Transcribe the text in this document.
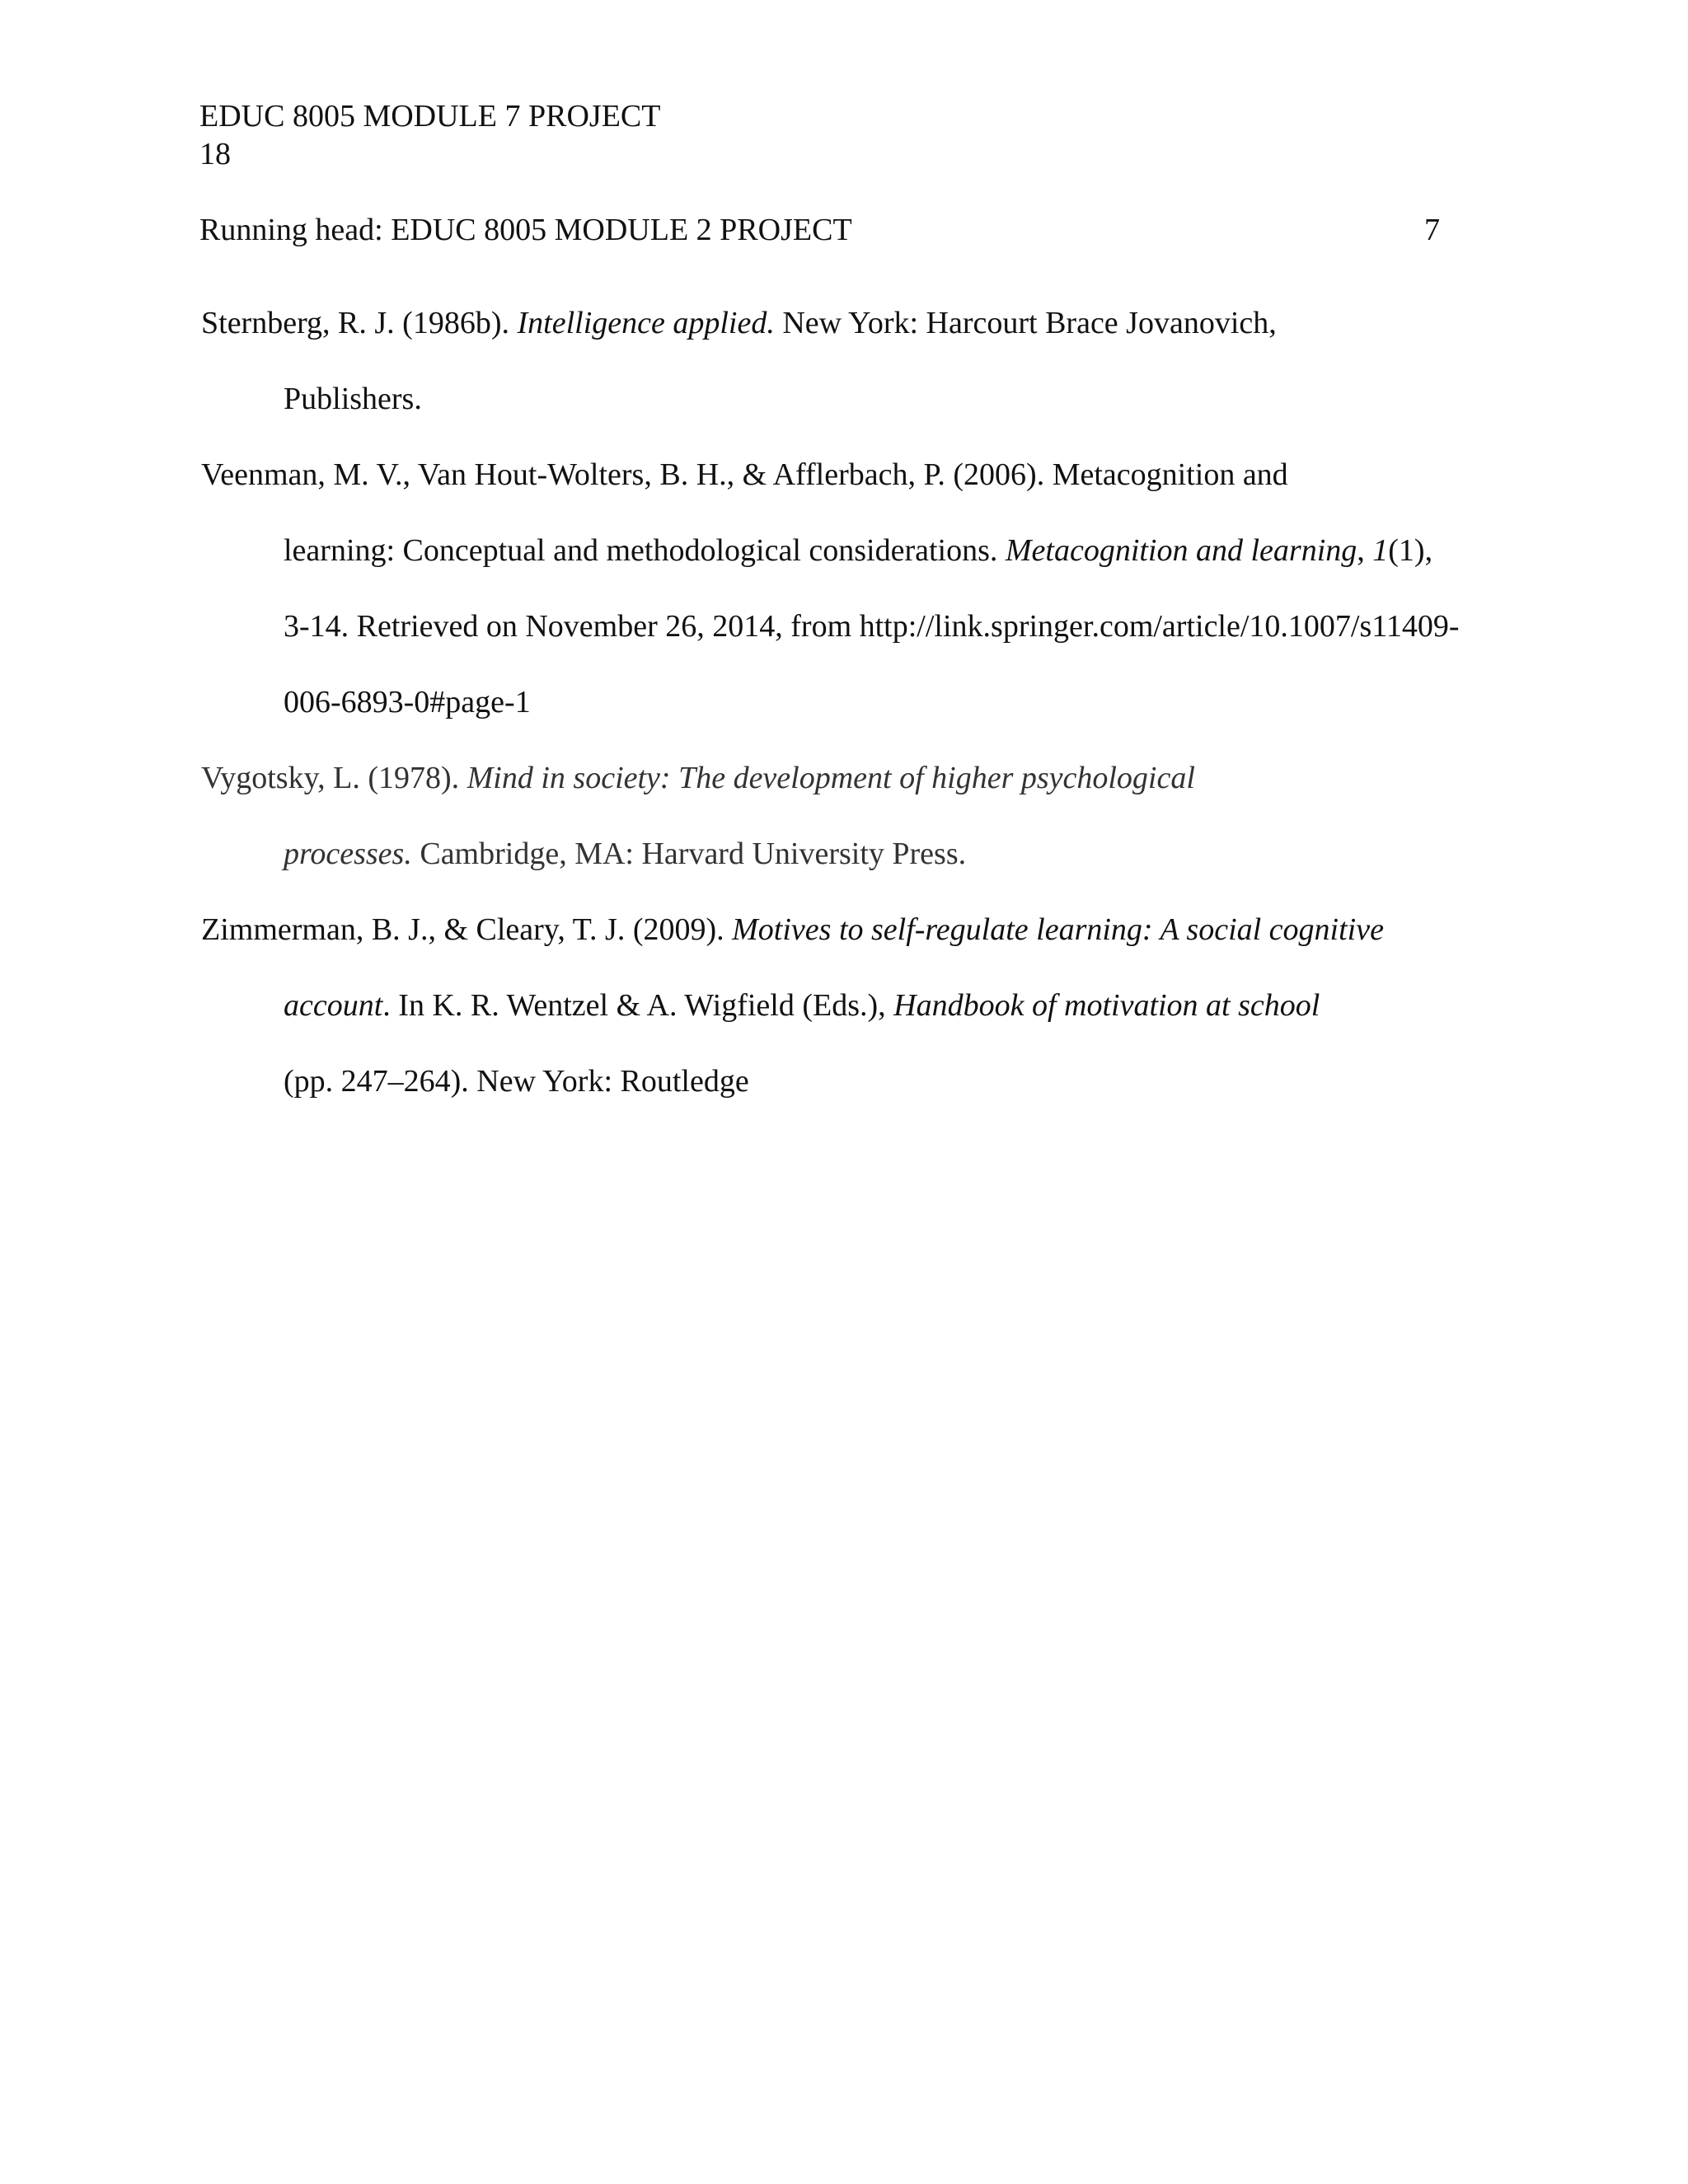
EDUC 8005 MODULE 7 PROJECT
18
Running head: EDUC 8005 MODULE 2 PROJECT	7

Sternberg, R. J. (1986b). Intelligence applied. New York: Harcourt Brace Jovanovich,
Publishers.

Veenman, M. V., Van Hout-Wolters, B. H., & Afflerbach, P. (2006). Metacognition and
learning: Conceptual and methodological considerations. Metacognition and learning, 1(1),
3-14. Retrieved on November 26, 2014, from http://link.springer.com/article/10.1007/s11409-
006-6893-0#page-1

Vygotsky, L. (1978). Mind in society: The development of higher psychological
processes. Cambridge, MA: Harvard University Press.

Zimmerman, B. J., & Cleary, T. J. (2009). Motives to self-regulate learning: A social cognitive
account. In K. R. Wentzel & A. Wigfield (Eds.), Handbook of motivation at school
(pp. 247–264). New York: Routledge
